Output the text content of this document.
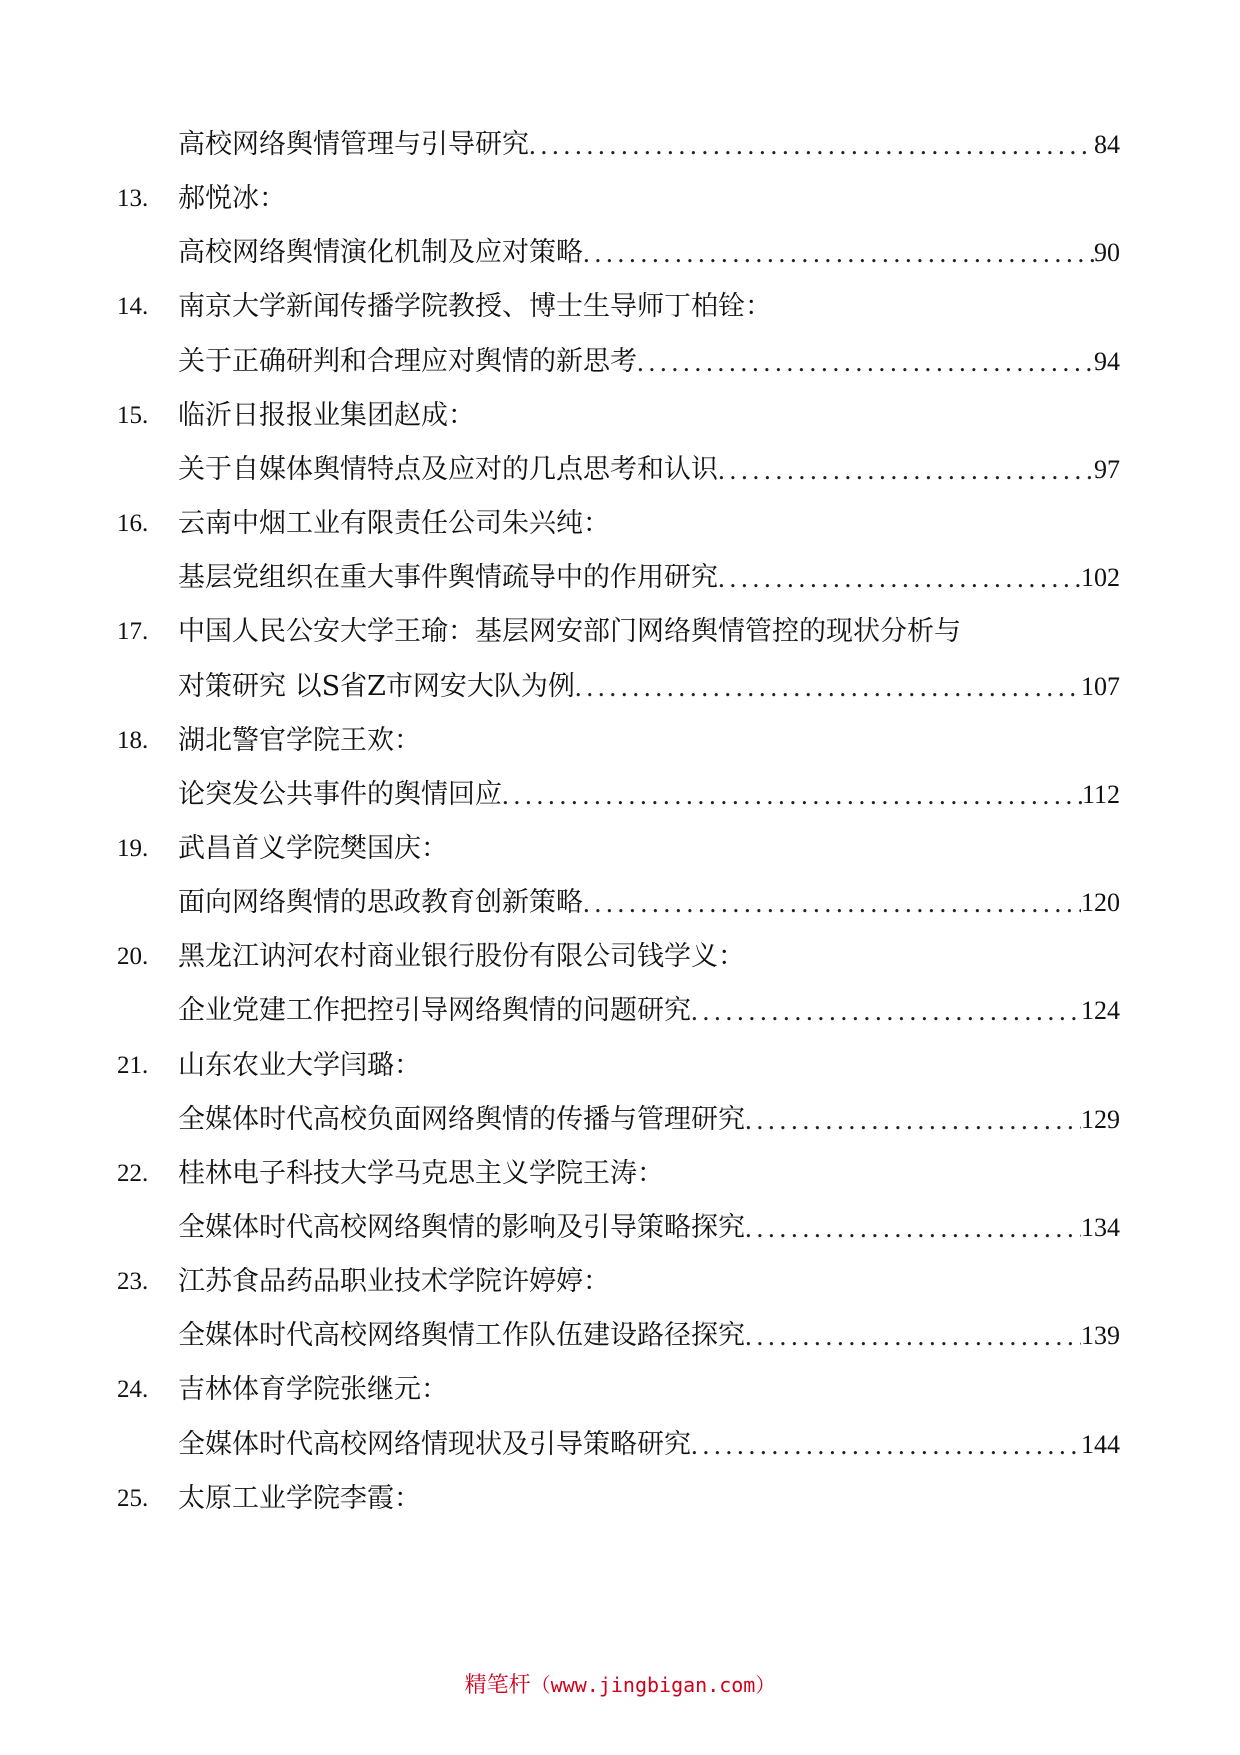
高校网络舆情管理与引导研究 . . .	84
13.	郝悦冰：
高校网络舆情演化机制及应对策略 . . .	90
14.	南京大学新闻传播学院教授、博士生导师丁柏铨：
关于正确研判和合理应对舆情的新思考 . . .	94
15.	临沂日报报业集团赵成：
关于自媒体舆情特点及应对的几点思考和认识 . . .	97
16.	云南中烟工业有限责任公司朱兴纯：
基层党组织在重大事件舆情疏导中的作用研究 . . .	102
17.	中国人民公安大学王瑜：基层网安部门网络舆情管控的现状分析与
对策研究 以S省Z市网安大队为例 . . .	107
18.	湖北警官学院王欢：
论突发公共事件的舆情回应 . . .	112
19.	武昌首义学院樊国庆：
面向网络舆情的思政教育创新策略 . . .	120
20.	黑龙江讷河农村商业银行股份有限公司钱学义：
企业党建工作把控引导网络舆情的问题研究 . . .	124
21.	山东农业大学闫璐：
全媒体时代高校负面网络舆情的传播与管理研究 . . .	129
22.	桂林电子科技大学马克思主义学院王涛：
全媒体时代高校网络舆情的影响及引导策略探究 . . .	134
23.	江苏食品药品职业技术学院许婷婷：
全媒体时代高校网络舆情工作队伍建设路径探究 . . .	139
24.	吉林体育学院张继元：
全媒体时代高校网络情现状及引导策略研究 . . .	144
25.	太原工业学院李霞：
精笔杆（www.jingbigan.com）
